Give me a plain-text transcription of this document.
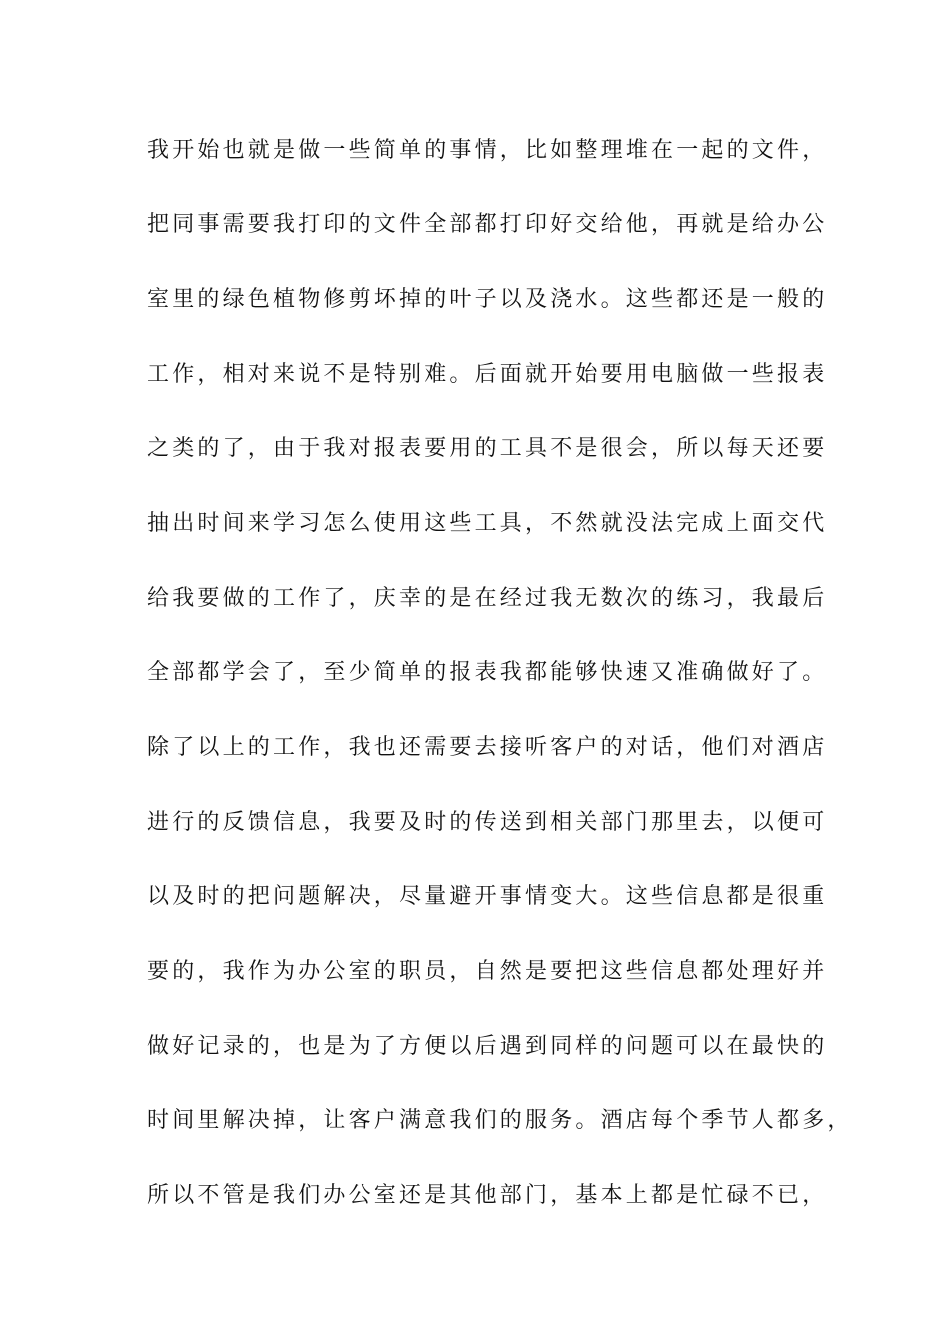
我开始也就是做一些简单的事情，比如整理堆在一起的文件，
把同事需要我打印的文件全部都打印好交给他，再就是给办公
室里的绿色植物修剪坏掉的叶子以及浇水。这些都还是一般的
工作，相对来说不是特别难。后面就开始要用电脑做一些报表
之类的了，由于我对报表要用的工具不是很会，所以每天还要
抽出时间来学习怎么使用这些工具，不然就没法完成上面交代
给我要做的工作了，庆幸的是在经过我无数次的练习，我最后
全部都学会了，至少简单的报表我都能够快速又准确做好了。
除了以上的工作，我也还需要去接听客户的对话，他们对酒店
进行的反馈信息，我要及时的传送到相关部门那里去，以便可
以及时的把问题解决，尽量避开事情变大。这些信息都是很重
要的，我作为办公室的职员，自然是要把这些信息都处理好并
做好记录的，也是为了方便以后遇到同样的问题可以在最快的
时间里解决掉，让客户满意我们的服务。酒店每个季节人都多，
所以不管是我们办公室还是其他部门，基本上都是忙碌不已，
